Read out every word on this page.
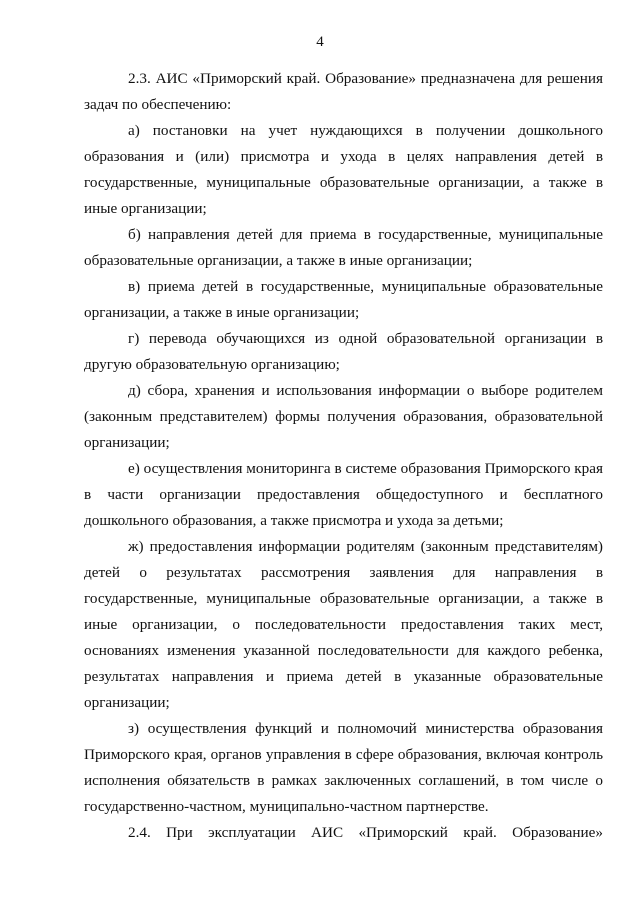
4

2.3. АИС «Приморский край. Образование» предназначена для решения задач по обеспечению:

а) постановки на учет нуждающихся в получении дошкольного образования и (или) присмотра и ухода в целях направления детей в государственные, муниципальные образовательные организации, а также в иные организации;

б) направления детей для приема в государственные, муниципальные образовательные организации, а также в иные организации;

в) приема детей в государственные, муниципальные образовательные организации, а также в иные организации;

г) перевода обучающихся из одной образовательной организации в другую образовательную организацию;

д) сбора, хранения и использования информации о выборе родителем (законным представителем) формы получения образования, образовательной организации;

е) осуществления мониторинга в системе образования Приморского края в части организации предоставления общедоступного и бесплатного дошкольного образования, а также присмотра и ухода за детьми;

ж) предоставления информации родителям (законным представителям) детей о результатах рассмотрения заявления для направления в государственные, муниципальные образовательные организации, а также в иные организации, о последовательности предоставления таких мест, основаниях изменения указанной последовательности для каждого ребенка, результатах направления и приема детей в указанные образовательные организации;

з) осуществления функций и полномочий министерства образования Приморского края, органов управления в сфере образования, включая контроль исполнения обязательств в рамках заключенных соглашений, в том числе о государственно-частном, муниципально-частном партнерстве.

2.4. При эксплуатации АИС «Приморский край. Образование»
